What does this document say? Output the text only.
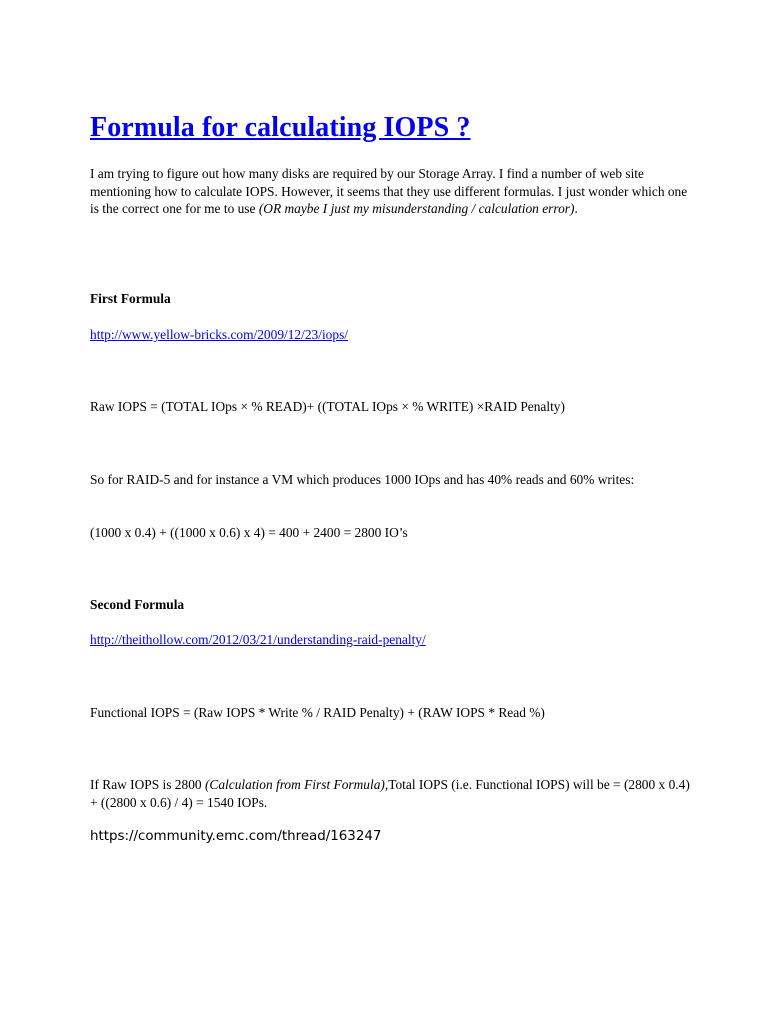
Formula for calculating IOPS ?

I am trying to figure out how many disks are required by our Storage Array. I find a number of web site mentioning how to calculate IOPS. However, it seems that they use different formulas. I just wonder which one is the correct one for me to use (OR maybe I just my misunderstanding / calculation error).

First Formula

http://www.yellow-bricks.com/2009/12/23/iops/

Raw IOPS = (TOTAL IOps × % READ)+ ((TOTAL IOps × % WRITE) ×RAID Penalty)

So for RAID-5 and for instance a VM which produces 1000 IOps and has 40% reads and 60% writes:

(1000 x 0.4) + ((1000 x 0.6) x 4) = 400 + 2400 = 2800 IO’s

Second Formula

http://theithollow.com/2012/03/21/understanding-raid-penalty/

Functional IOPS = (Raw IOPS * Write % / RAID Penalty) + (RAW IOPS * Read %)

If Raw IOPS is 2800 (Calculation from First Formula),Total IOPS (i.e. Functional IOPS) will be = (2800 x 0.4) + ((2800 x 0.6) / 4) = 1540 IOPs.

https://community.emc.com/thread/163247
